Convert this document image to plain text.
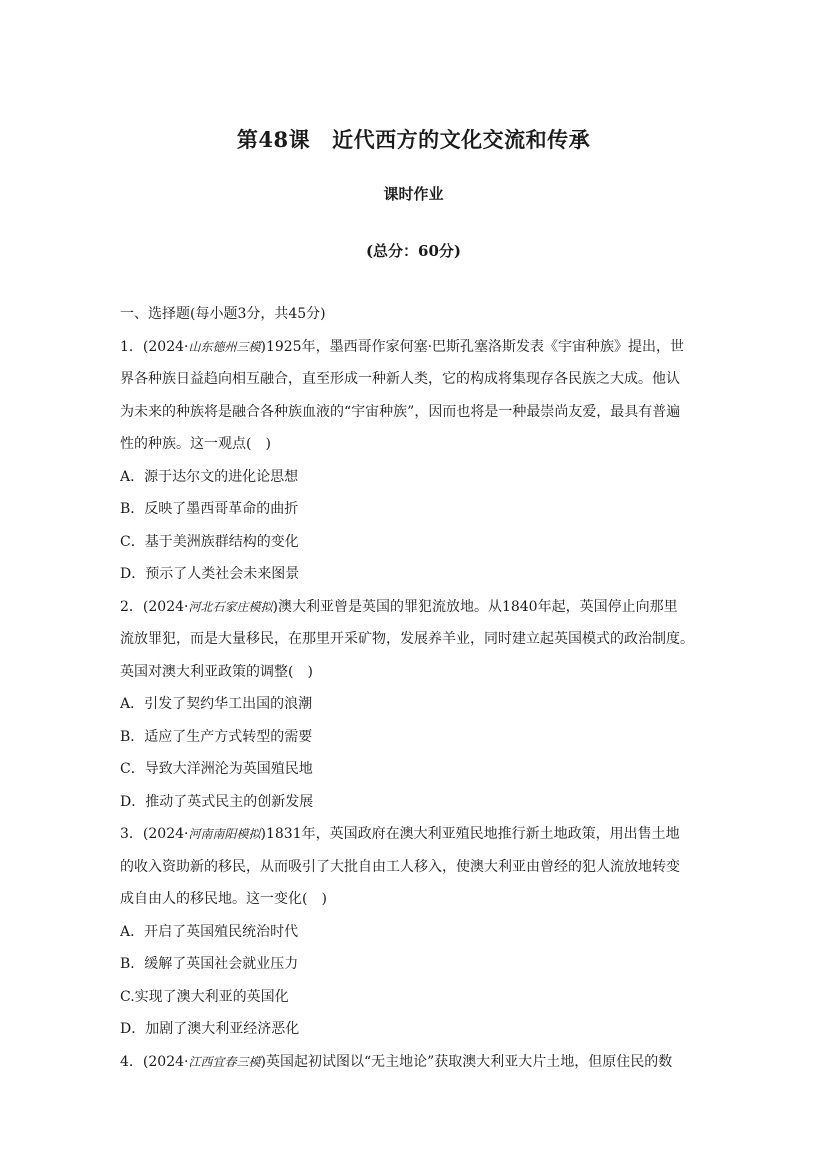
第48课 近代西方的文化交流和传承
课时作业
(总分：60分)
一、选择题(每小题3分，共45分)
1．(2024·山东德州三模)1925年，墨西哥作家何塞·巴斯孔塞洛斯发表《宇宙种族》提出，世
界各种族日益趋向相互融合，直至形成一种新人类，它的构成将集现存各民族之大成。他认
为未来的种族将是融合各种族血液的“宇宙种族”，因而也将是一种最崇尚友爱，最具有普遍
性的种族。这一观点(　)
A．源于达尔文的进化论思想
B．反映了墨西哥革命的曲折
C．基于美洲族群结构的变化
D．预示了人类社会未来图景
2．(2024·河北石家庄模拟)澳大利亚曾是英国的罪犯流放地。从1840年起，英国停止向那里
流放罪犯，而是大量移民，在那里开采矿物，发展养羊业，同时建立起英国模式的政治制度。
英国对澳大利亚政策的调整(　)
A．引发了契约华工出国的浪潮
B．适应了生产方式转型的需要
C．导致大洋洲沦为英国殖民地
D．推动了英式民主的创新发展
3．(2024·河南南阳模拟)1831年，英国政府在澳大利亚殖民地推行新土地政策，用出售土地
的收入资助新的移民，从而吸引了大批自由工人移入，使澳大利亚由曾经的犯人流放地转变
成自由人的移民地。这一变化(　)
A．开启了英国殖民统治时代
B．缓解了英国社会就业压力
C.实现了澳大利亚的英国化
D．加剧了澳大利亚经济恶化
4．(2024·江西宜春三模)英国起初试图以“无主地论”获取澳大利亚大片土地，但原住民的数
